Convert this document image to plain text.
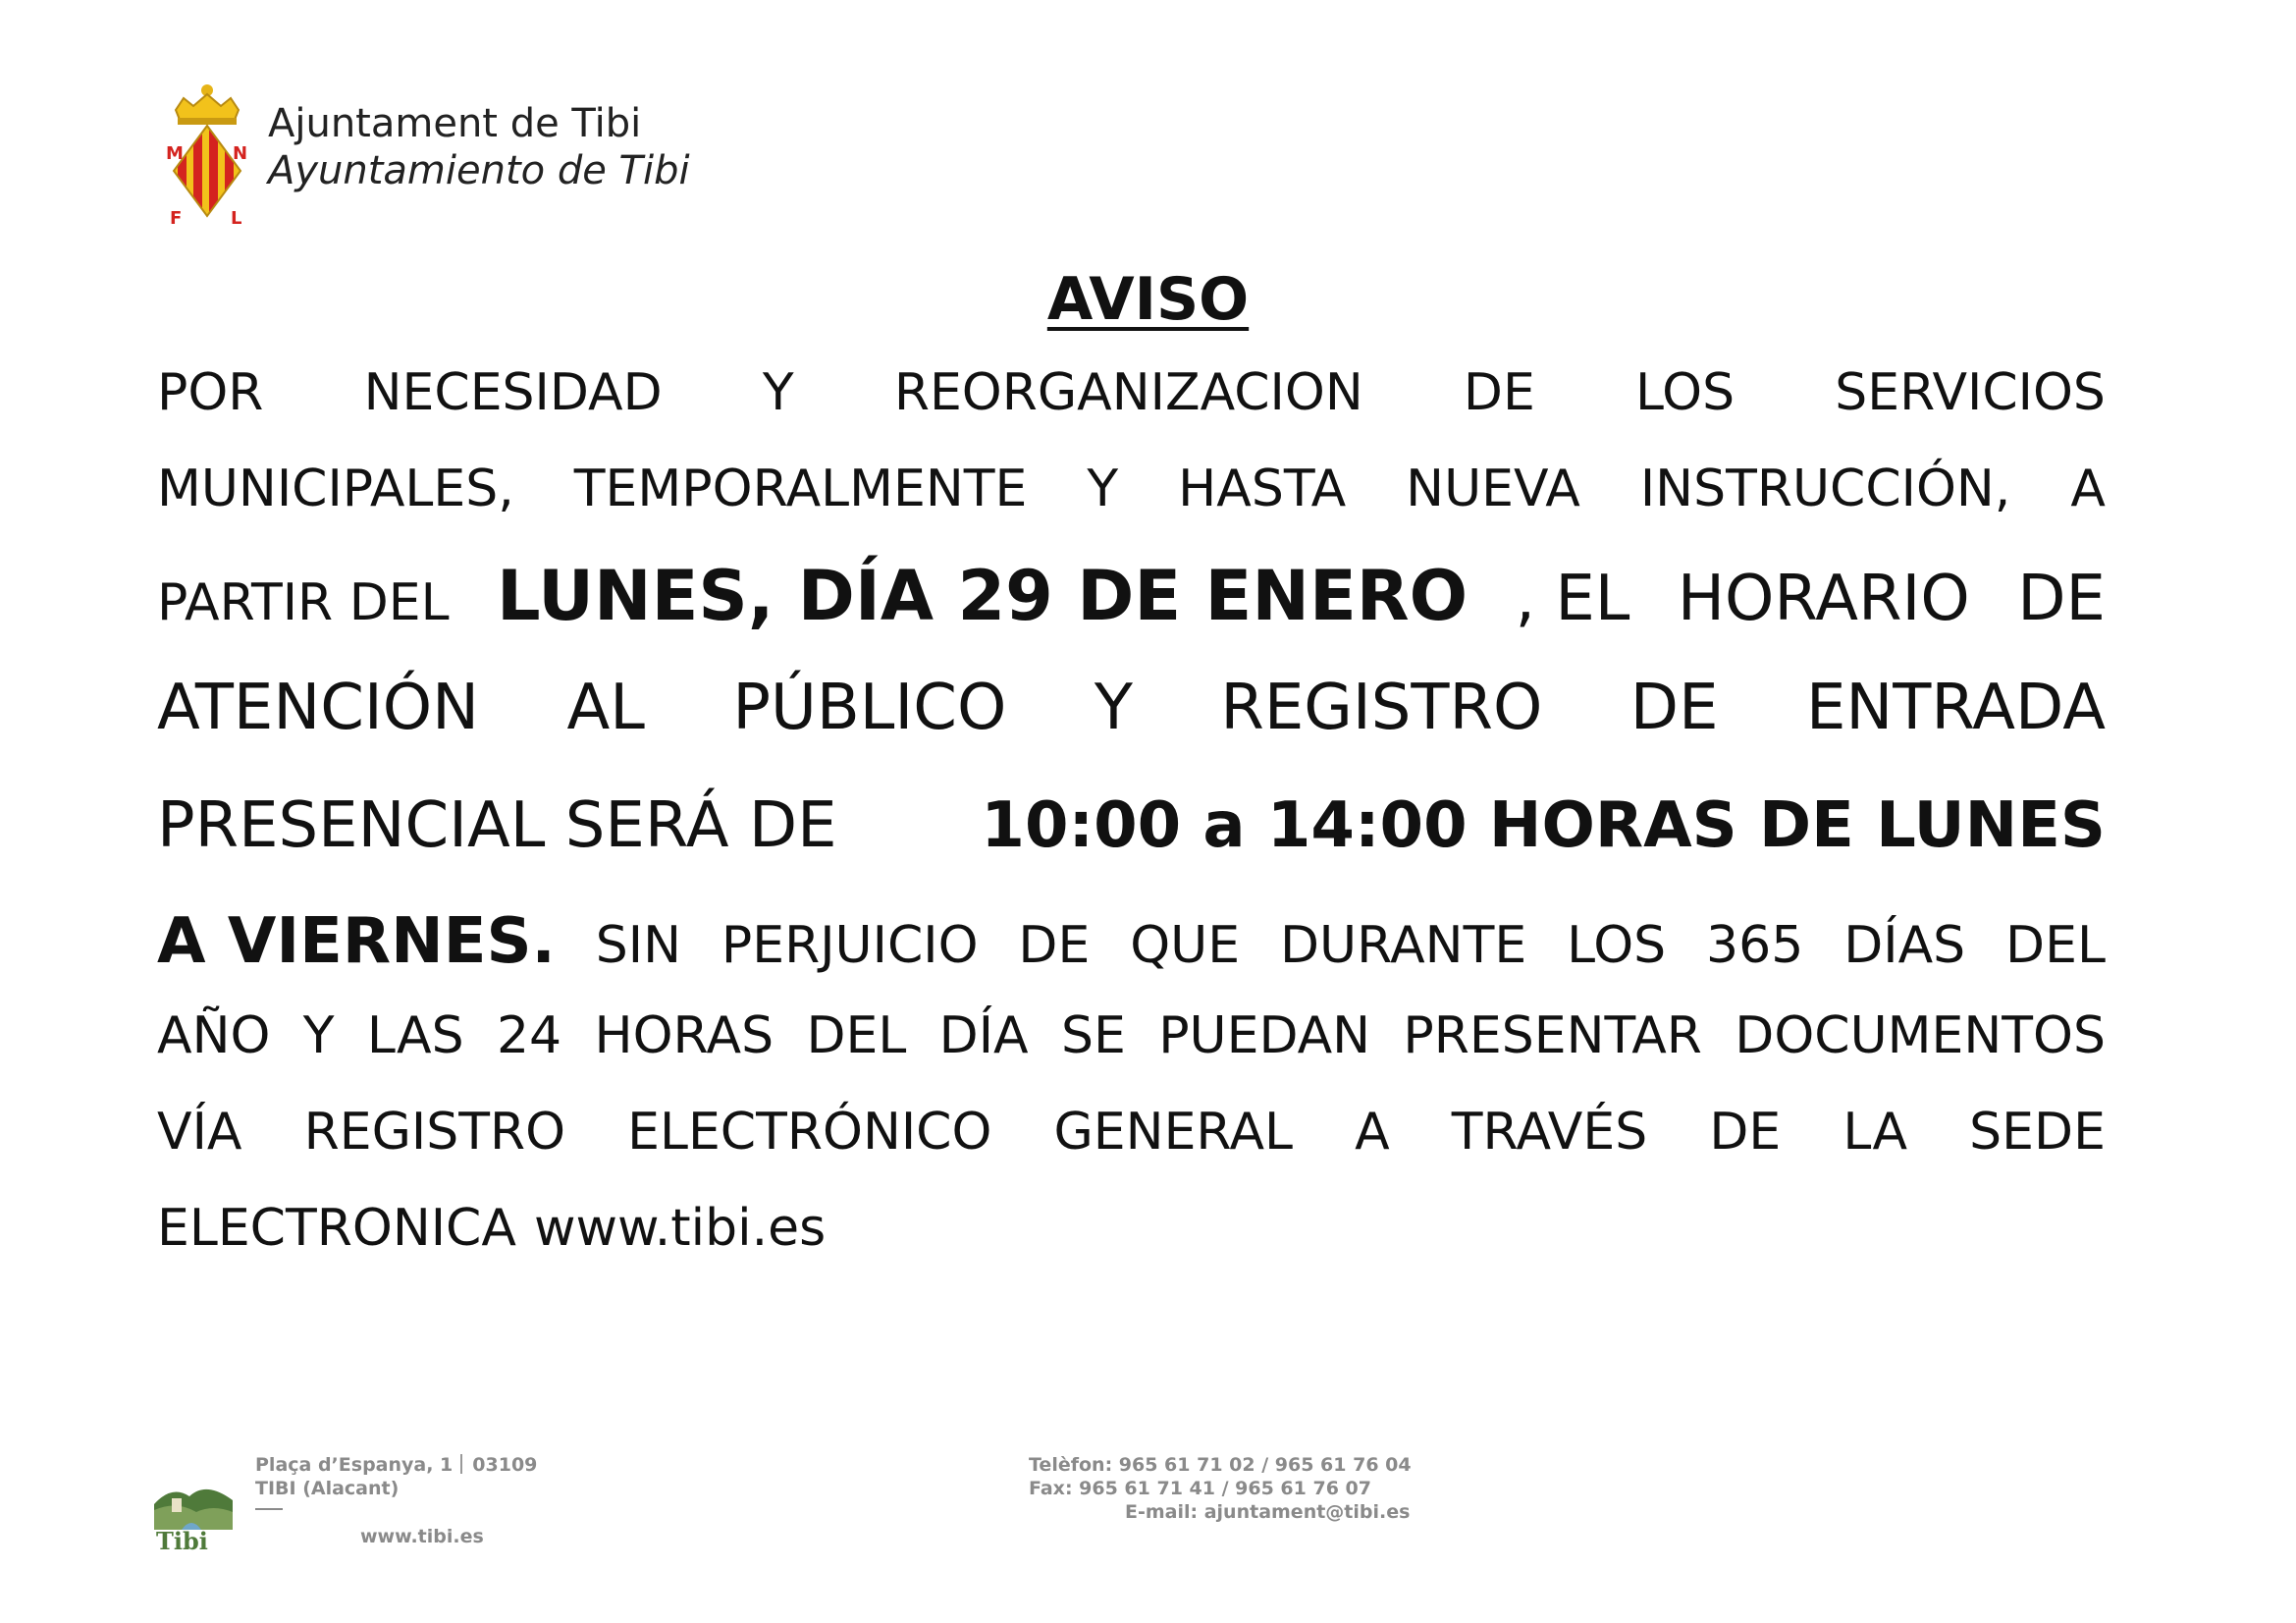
M	N
F	L
Ajuntament de Tibi
Ayuntamiento de Tibi
AVISO
POR NECESIDAD Y REORGANIZACION DE LOS SERVICIOS
MUNICIPALES, TEMPORALMENTE Y HASTA NUEVA INSTRUCCIÓN, A
PARTIR DEL LUNES, DÍA 29 DE ENERO , EL HORARIO DE
ATENCIÓN AL PÚBLICO Y REGISTRO DE ENTRADA
PRESENCIAL SERÁ DE 10:00 a 14:00 HORAS DE LUNES
A VIERNES. SIN PERJUICIO DE QUE DURANTE LOS 365 DÍAS DEL
AÑO Y LAS 24 HORAS DEL DÍA SE PUEDAN PRESENTAR DOCUMENTOS
VÍA REGISTRO ELECTRÓNICO GENERAL A TRAVÉS DE LA SEDE
ELECTRONICA www.tibi.es
Tibi
Plaça d’Espanya, 1 03109
TIBI (Alacant)
www.tibi.es
Telèfon: 965 61 71 02 / 965 61 76 04
Fax: 965 61 71 41 / 965 61 76 07
E-mail: ajuntament@tibi.es
